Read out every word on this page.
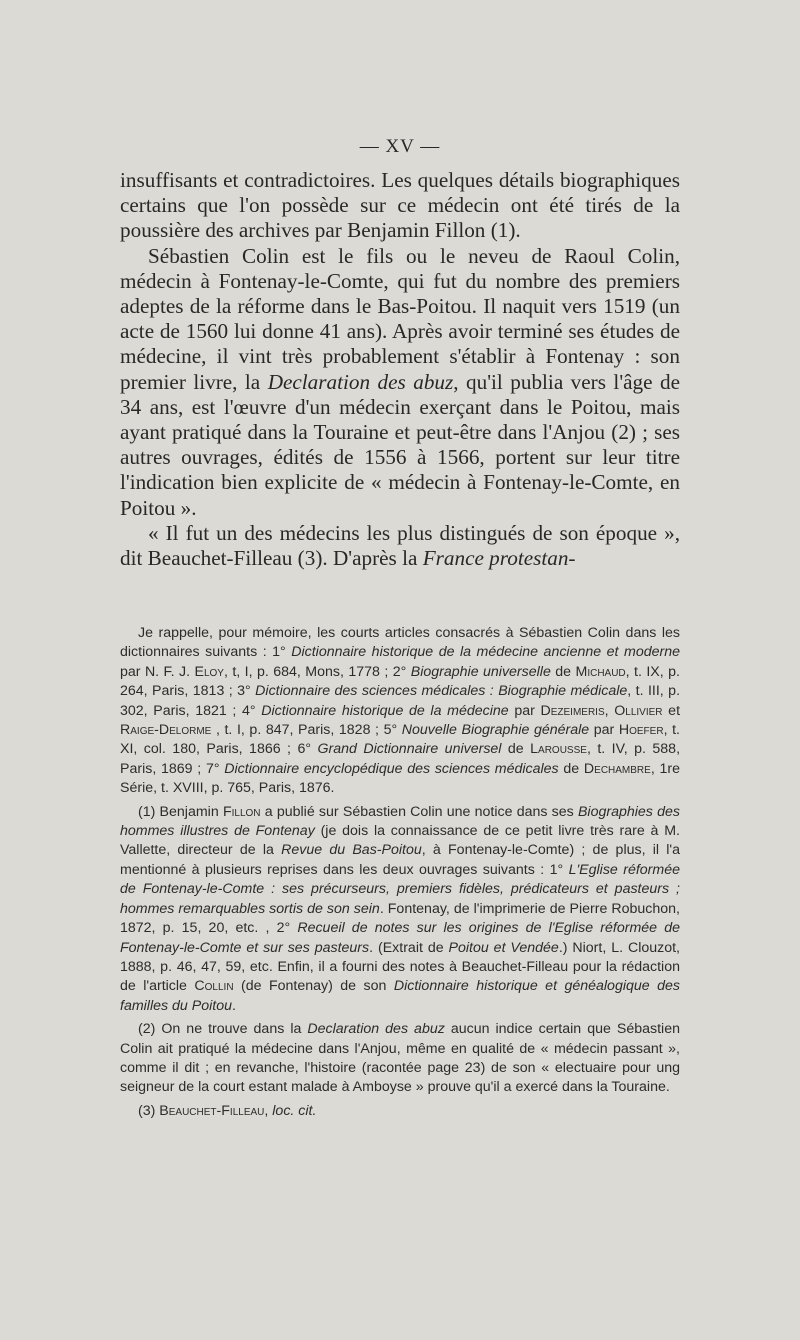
— XV —

insuffisants et contradictoires. Les quelques détails biographiques certains que l'on possède sur ce médecin ont été tirés de la poussière des archives par Benjamin Fillon (1).

Sébastien Colin est le fils ou le neveu de Raoul Colin, médecin à Fontenay-le-Comte, qui fut du nombre des premiers adeptes de la réforme dans le Bas-Poitou. Il naquit vers 1519 (un acte de 1560 lui donne 41 ans). Après avoir terminé ses études de médecine, il vint très probablement s'établir à Fontenay : son premier livre, la Declaration des abuz, qu'il publia vers l'âge de 34 ans, est l'œuvre d'un médecin exerçant dans le Poitou, mais ayant pratiqué dans la Touraine et peut-être dans l'Anjou (2) ; ses autres ouvrages, édités de 1556 à 1566, portent sur leur titre l'indication bien explicite de « médecin à Fontenay-le-Comte, en Poitou ».

« Il fut un des médecins les plus distingués de son époque », dit Beauchet-Filleau (3). D'après la France protestan-

Je rappelle, pour mémoire, les courts articles consacrés à Sébastien Colin dans les dictionnaires suivants : 1° Dictionnaire historique de la médecine ancienne et moderne par N. F. J. Eloy, t, I, p. 684, Mons, 1778 ; 2° Biographie universelle de Michaud, t. IX, p. 264, Paris, 1813 ; 3° Dictionnaire des sciences médicales : Biographie médicale, t. III, p. 302, Paris, 1821 ; 4° Dictionnaire historique de la médecine par Dezeimeris, Ollivier et Raige-Delorme , t. I, p. 847, Paris, 1828 ; 5° Nouvelle Biographie générale par Hoefer, t. XI, col. 180, Paris, 1866 ; 6° Grand Dictionnaire universel de Larousse, t. IV, p. 588, Paris, 1869 ; 7° Dictionnaire encyclopédique des sciences médicales de Dechambre, 1re Série, t. XVIII, p. 765, Paris, 1876.

(1) Benjamin Fillon a publié sur Sébastien Colin une notice dans ses Biographies des hommes illustres de Fontenay (je dois la connaissance de ce petit livre très rare à M. Vallette, directeur de la Revue du Bas-Poitou, à Fontenay-le-Comte) ; de plus, il l'a mentionné à plusieurs reprises dans les deux ouvrages suivants : 1° L'Eglise réformée de Fontenay-le-Comte : ses précurseurs, premiers fidèles, prédicateurs et pasteurs ; hommes remarquables sortis de son sein. Fontenay, de l'imprimerie de Pierre Robuchon, 1872, p. 15, 20, etc. , 2° Recueil de notes sur les origines de l'Eglise réformée de Fontenay-le-Comte et sur ses pasteurs. (Extrait de Poitou et Vendée.) Niort, L. Clouzot, 1888, p. 46, 47, 59, etc. Enfin, il a fourni des notes à Beauchet-Filleau pour la rédaction de l'article Collin (de Fontenay) de son Dictionnaire historique et généalogique des familles du Poitou.

(2) On ne trouve dans la Declaration des abuz aucun indice certain que Sébastien Colin ait pratiqué la médecine dans l'Anjou, même en qualité de « médecin passant », comme il dit ; en revanche, l'histoire (racontée page 23) de son « electuaire pour ung seigneur de la court estant malade à Amboyse » prouve qu'il a exercé dans la Touraine.

(3) Beauchet-Filleau, loc. cit.
